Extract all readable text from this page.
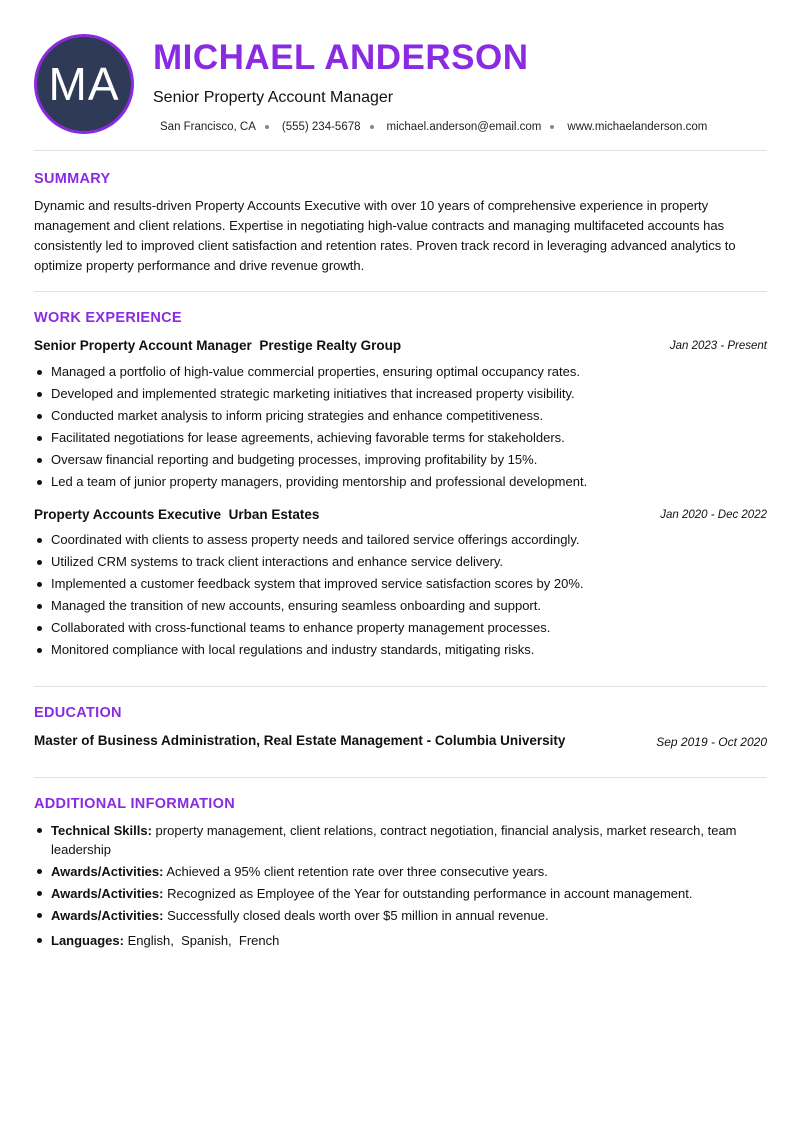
MA
MICHAEL ANDERSON
Senior Property Account Manager
San Francisco, CA (555) 234-5678 michael.anderson@email.com www.michaelanderson.com
SUMMARY

Dynamic and results-driven Property Accounts Executive with over 10 years of comprehensive experience in property management and client relations. Expertise in negotiating high-value contracts and managing multifaceted accounts has consistently led to improved client satisfaction and retention rates. Proven track record in leveraging advanced analytics to optimize property performance and drive revenue growth.

WORK EXPERIENCE
Senior Property Account Manager Prestige Realty Group	Jan 2023 - Present
Managed a portfolio of high-value commercial properties, ensuring optimal occupancy rates.
Developed and implemented strategic marketing initiatives that increased property visibility.
Conducted market analysis to inform pricing strategies and enhance competitiveness.
Facilitated negotiations for lease agreements, achieving favorable terms for stakeholders.
Oversaw financial reporting and budgeting processes, improving profitability by 15%.
Led a team of junior property managers, providing mentorship and professional development.
Property Accounts Executive Urban Estates	Jan 2020 - Dec 2022
Coordinated with clients to assess property needs and tailored service offerings accordingly.
Utilized CRM systems to track client interactions and enhance service delivery.
Implemented a customer feedback system that improved service satisfaction scores by 20%.
Managed the transition of new accounts, ensuring seamless onboarding and support.
Collaborated with cross-functional teams to enhance property management processes.
Monitored compliance with local regulations and industry standards, mitigating risks.
EDUCATION
Master of Business Administration, Real Estate Management - Columbia University	Sep 2019 - Oct 2020
ADDITIONAL INFORMATION
Technical Skills: property management, client relations, contract negotiation, financial analysis, market research, team leadership
Awards/Activities: Achieved a 95% client retention rate over three consecutive years.
Awards/Activities: Recognized as Employee of the Year for outstanding performance in account management.
Awards/Activities: Successfully closed deals worth over $5 million in annual revenue.
Languages: English,  Spanish,  French
